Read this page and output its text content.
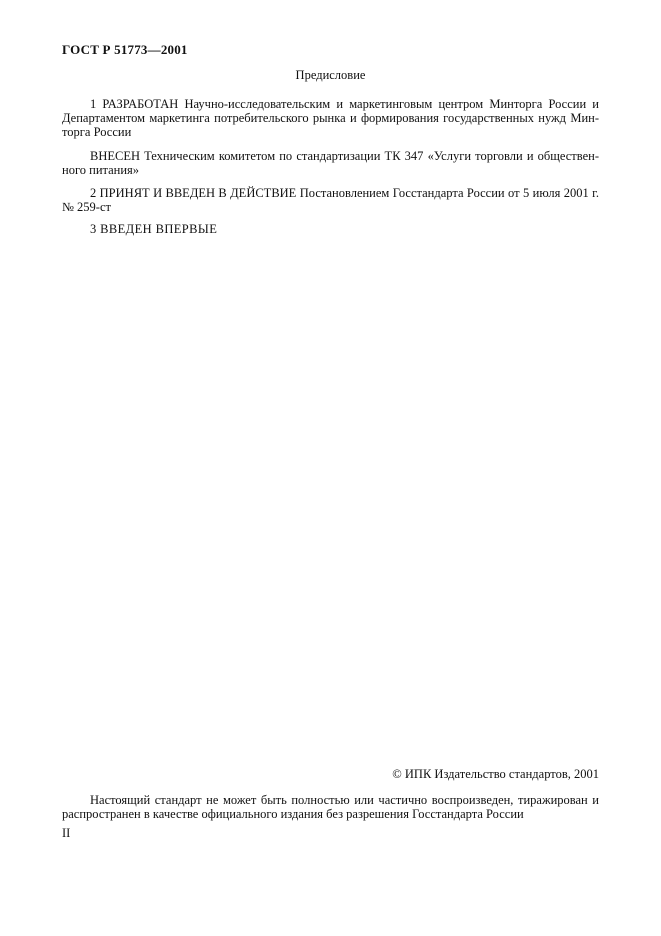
ГОСТ Р 51773—2001
Предисловие
1 РАЗРАБОТАН Научно-исследовательским и маркетинговым центром Минторга России и
Департаментом маркетинга потребительского рынка и формирования государственных нужд Мин-
торга России
ВНЕСЕН Техническим комитетом по стандартизации ТК 347 «Услуги торговли и обществен-
ного питания»
2 ПРИНЯТ И ВВЕДЕН В ДЕЙСТВИЕ Постановлением Госстандарта России от 5 июля 2001 г.
№ 259-ст
3 ВВЕДЕН ВПЕРВЫЕ
© ИПК Издательство стандартов, 2001
Настоящий стандарт не может быть полностью или частично воспроизведен, тиражирован и
распространен в качестве официального издания без разрешения Госстандарта России
II
